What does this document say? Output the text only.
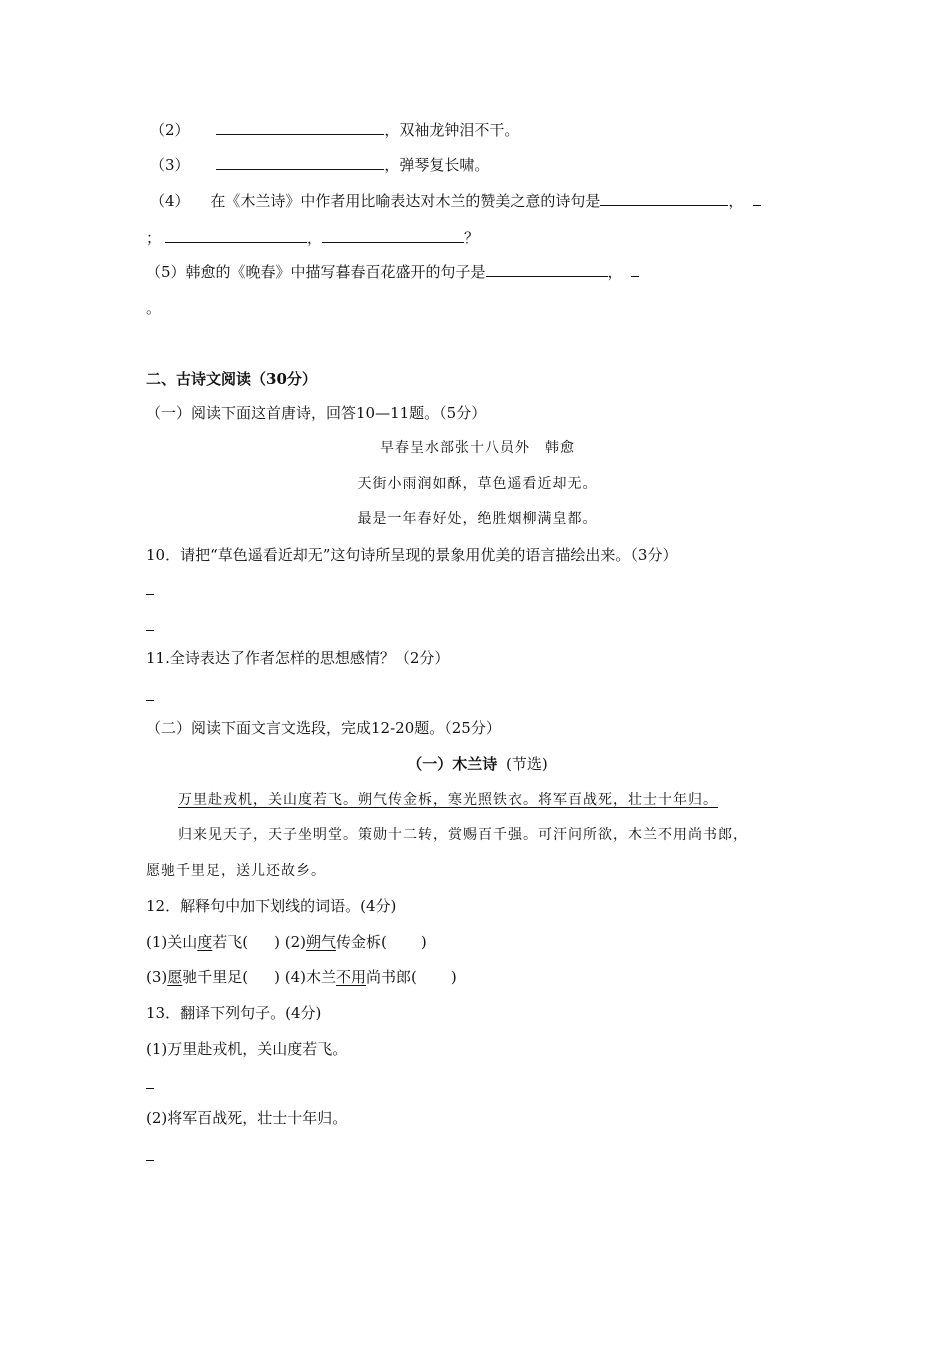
（2）	，双袖龙钟泪不干。
（3）	，弹琴复长啸。
（4） 在《木兰诗》中作者用比喻表达对木兰的赞美之意的诗句是	，
；	，	？
（5）韩愈的《晚春》中描写暮春百花盛开的句子是	，
。
二、古诗文阅读（30分）
（一）阅读下面这首唐诗，回答10—11题。（5分）
早春呈水部张十八员外　韩愈
天街小雨润如酥，草色遥看近却无。
最是一年春好处，绝胜烟柳满皇都。
10．请把“草色遥看近却无”这句诗所呈现的景象用优美的语言描绘出来。（3分）
11.全诗表达了作者怎样的思想感情？（2分）
（二）阅读下面文言文选段，完成12-20题。（25分）
（一）木兰诗 (节选)
万里赴戎机，关山度若飞。朔气传金柝，寒光照铁衣。将军百战死，壮士十年归。
归来见天子，天子坐明堂。策勋十二转，赏赐百千强。可汗问所欲，木兰不用尚书郎，
愿驰千里足，送儿还故乡。
12．解释句中加下划线的词语。(4分)
(1)关山度若飞( ) (2)朔气传金柝( )
(3)愿驰千里足( ) (4)木兰不用尚书郎( )
13．翻译下列句子。(4分)
(1)万里赴戎机，关山度若飞。
(2)将军百战死，壮士十年归。
